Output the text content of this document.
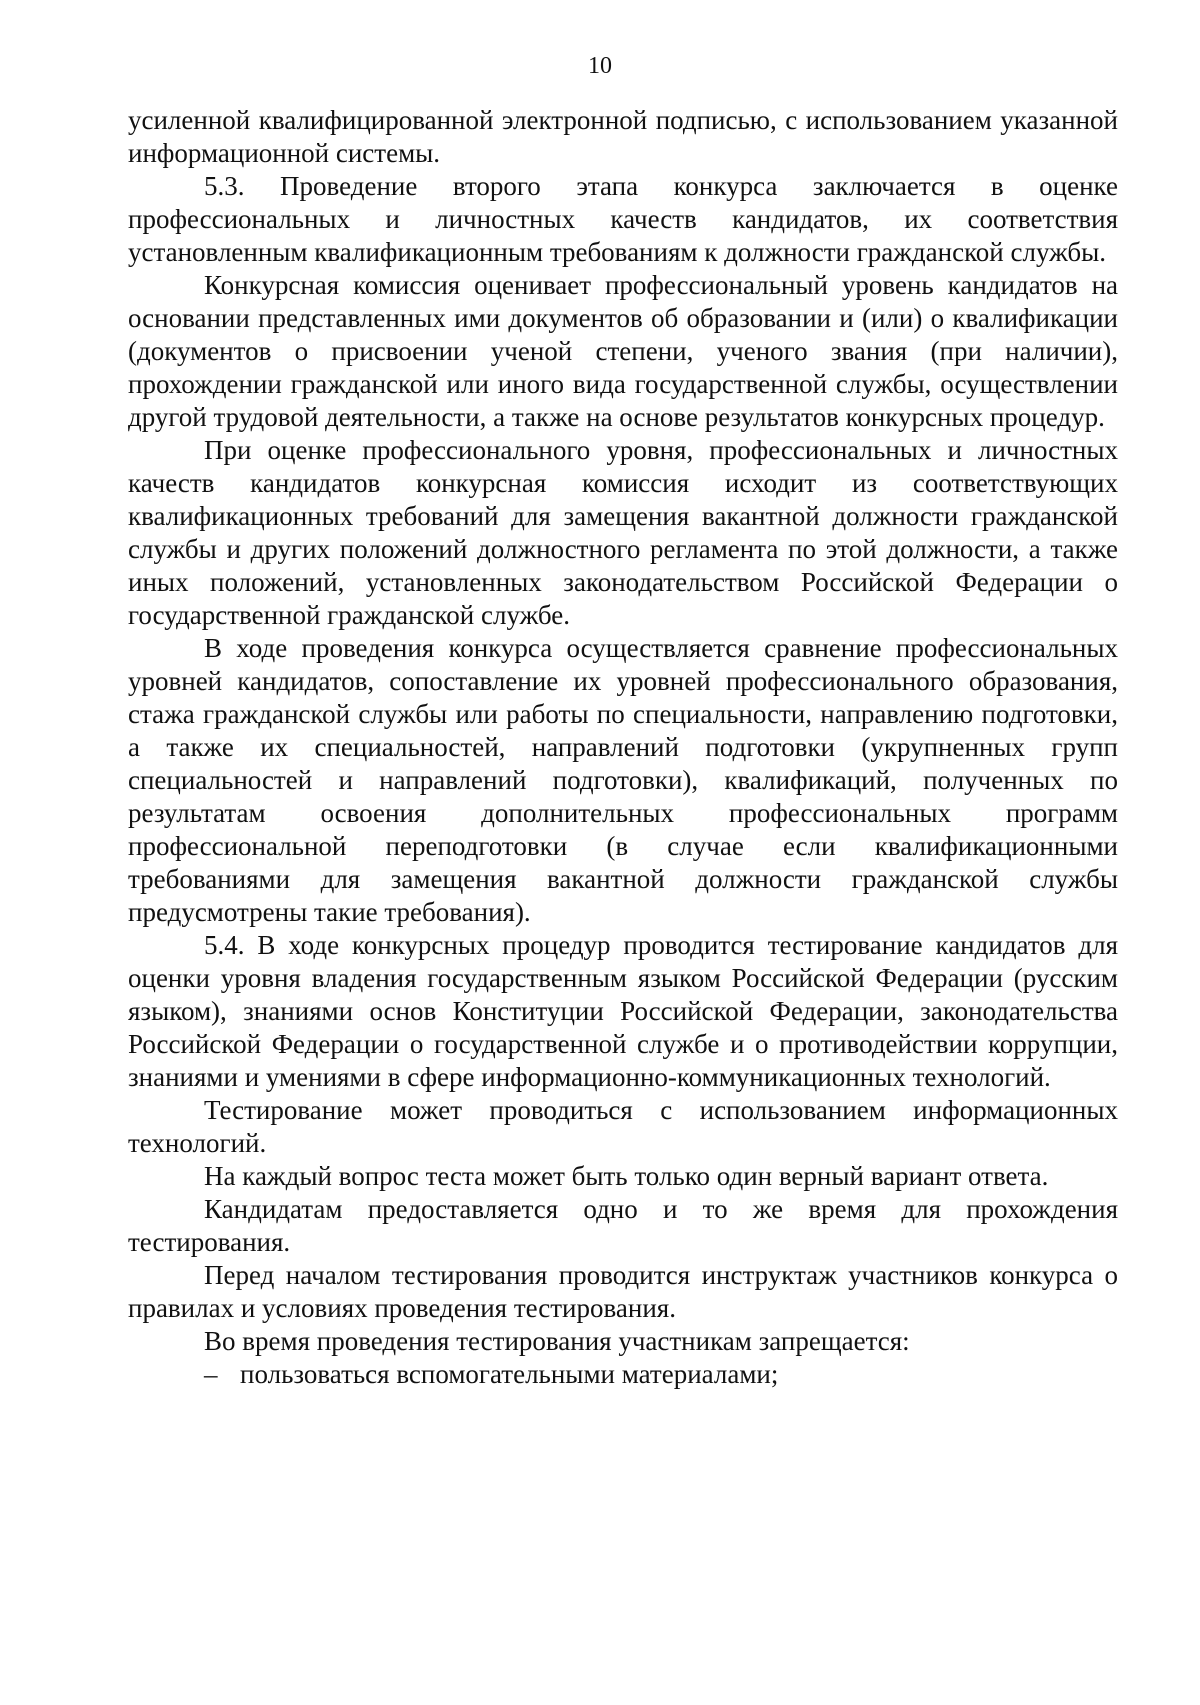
10

усиленной квалифицированной электронной подписью, с использованием указанной информационной системы.

5.3. Проведение второго этапа конкурса заключается в оценке профессиональных и личностных качеств кандидатов, их соответствия установленным квалификационным требованиям к должности гражданской службы.

Конкурсная комиссия оценивает профессиональный уровень кандидатов на основании представленных ими документов об образовании и (или) о квалификации (документов о присвоении ученой степени, ученого звания (при наличии), прохождении гражданской или иного вида государственной службы, осуществлении другой трудовой деятельности, а также на основе результатов конкурсных процедур.

При оценке профессионального уровня, профессиональных и личностных качеств кандидатов конкурсная комиссия исходит из соответствующих квалификационных требований для замещения вакантной должности гражданской службы и других положений должностного регламента по этой должности, а также иных положений, установленных законодательством Российской Федерации о государственной гражданской службе.

В ходе проведения конкурса осуществляется сравнение профессиональных уровней кандидатов, сопоставление их уровней профессионального образования, стажа гражданской службы или работы по специальности, направлению подготовки, а также их специальностей, направлений подготовки (укрупненных групп специальностей и направлений подготовки), квалификаций, полученных по результатам освоения дополнительных профессиональных программ профессиональной переподготовки (в случае если квалификационными требованиями для замещения вакантной должности гражданской службы предусмотрены такие требования).

5.4. В ходе конкурсных процедур проводится тестирование кандидатов для оценки уровня владения государственным языком Российской Федерации (русским языком), знаниями основ Конституции Российской Федерации, законодательства Российской Федерации о государственной службе и о противодействии коррупции, знаниями и умениями в сфере информационно-коммуникационных технологий.

Тестирование может проводиться с использованием информационных технологий.

На каждый вопрос теста может быть только один верный вариант ответа.

Кандидатам предоставляется одно и то же время для прохождения тестирования.

Перед началом тестирования проводится инструктаж участников конкурса о правилах и условиях проведения тестирования.

Во время проведения тестирования участникам запрещается:

– пользоваться вспомогательными материалами;
